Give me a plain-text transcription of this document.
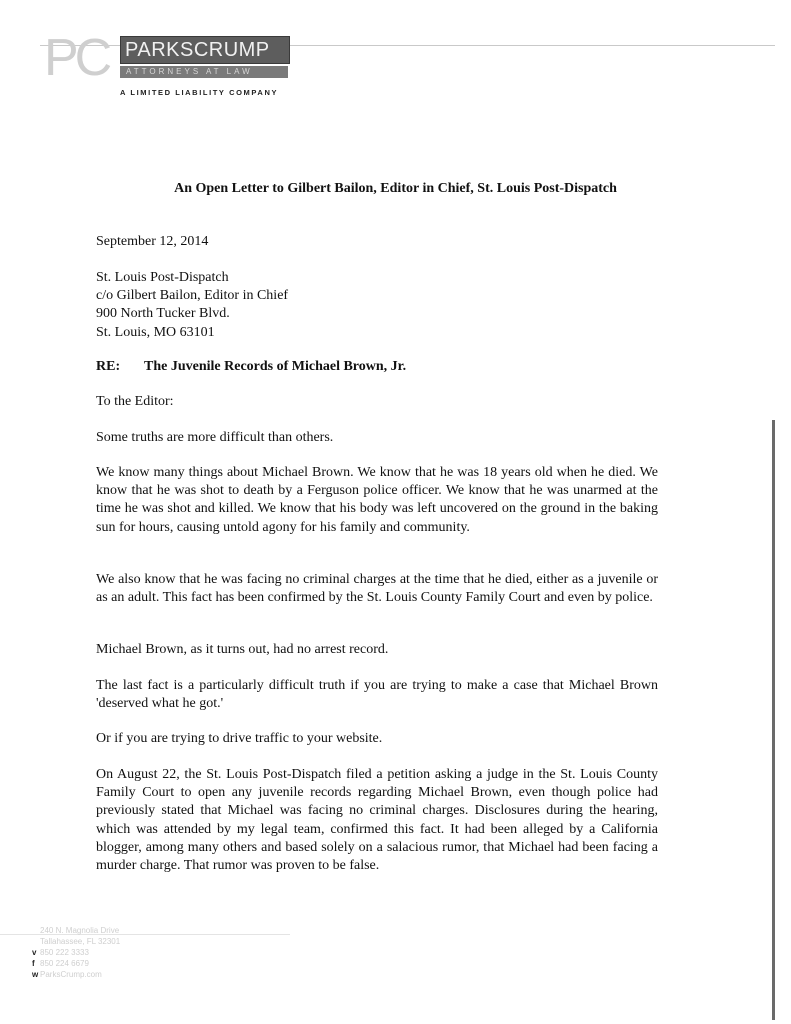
PC PARKSCRUMP
ATTORNEYS AT LAW
A LIMITED LIABILITY COMPANY
An Open Letter to Gilbert Bailon, Editor in Chief, St. Louis Post-Dispatch
September 12, 2014
St. Louis Post-Dispatch
c/o Gilbert Bailon, Editor in Chief
900 North Tucker Blvd.
St. Louis, MO 63101
RE: The Juvenile Records of Michael Brown, Jr.
To the Editor:
Some truths are more difficult than others.
We know many things about Michael Brown. We know that he was 18 years old when he died. We know that he was shot to death by a Ferguson police officer. We know that he was unarmed at the time he was shot and killed. We know that his body was left uncovered on the ground in the baking sun for hours, causing untold agony for his family and community.
We also know that he was facing no criminal charges at the time that he died, either as a juvenile or as an adult. This fact has been confirmed by the St. Louis County Family Court and even by police.
Michael Brown, as it turns out, had no arrest record.
The last fact is a particularly difficult truth if you are trying to make a case that Michael Brown 'deserved what he got.'
Or if you are trying to drive traffic to your website.
On August 22, the St. Louis Post-Dispatch filed a petition asking a judge in the St. Louis County Family Court to open any juvenile records regarding Michael Brown, even though police had previously stated that Michael was facing no criminal charges. Disclosures during the hearing, which was attended by my legal team, confirmed this fact. It had been alleged by a California blogger, among many others and based solely on a salacious rumor, that Michael had been facing a murder charge. That rumor was proven to be false.
240 N. Magnolia Drive
Tallahassee, FL 32301
v 850 222 3333
f 850 224 6679
w ParksCrump.com
